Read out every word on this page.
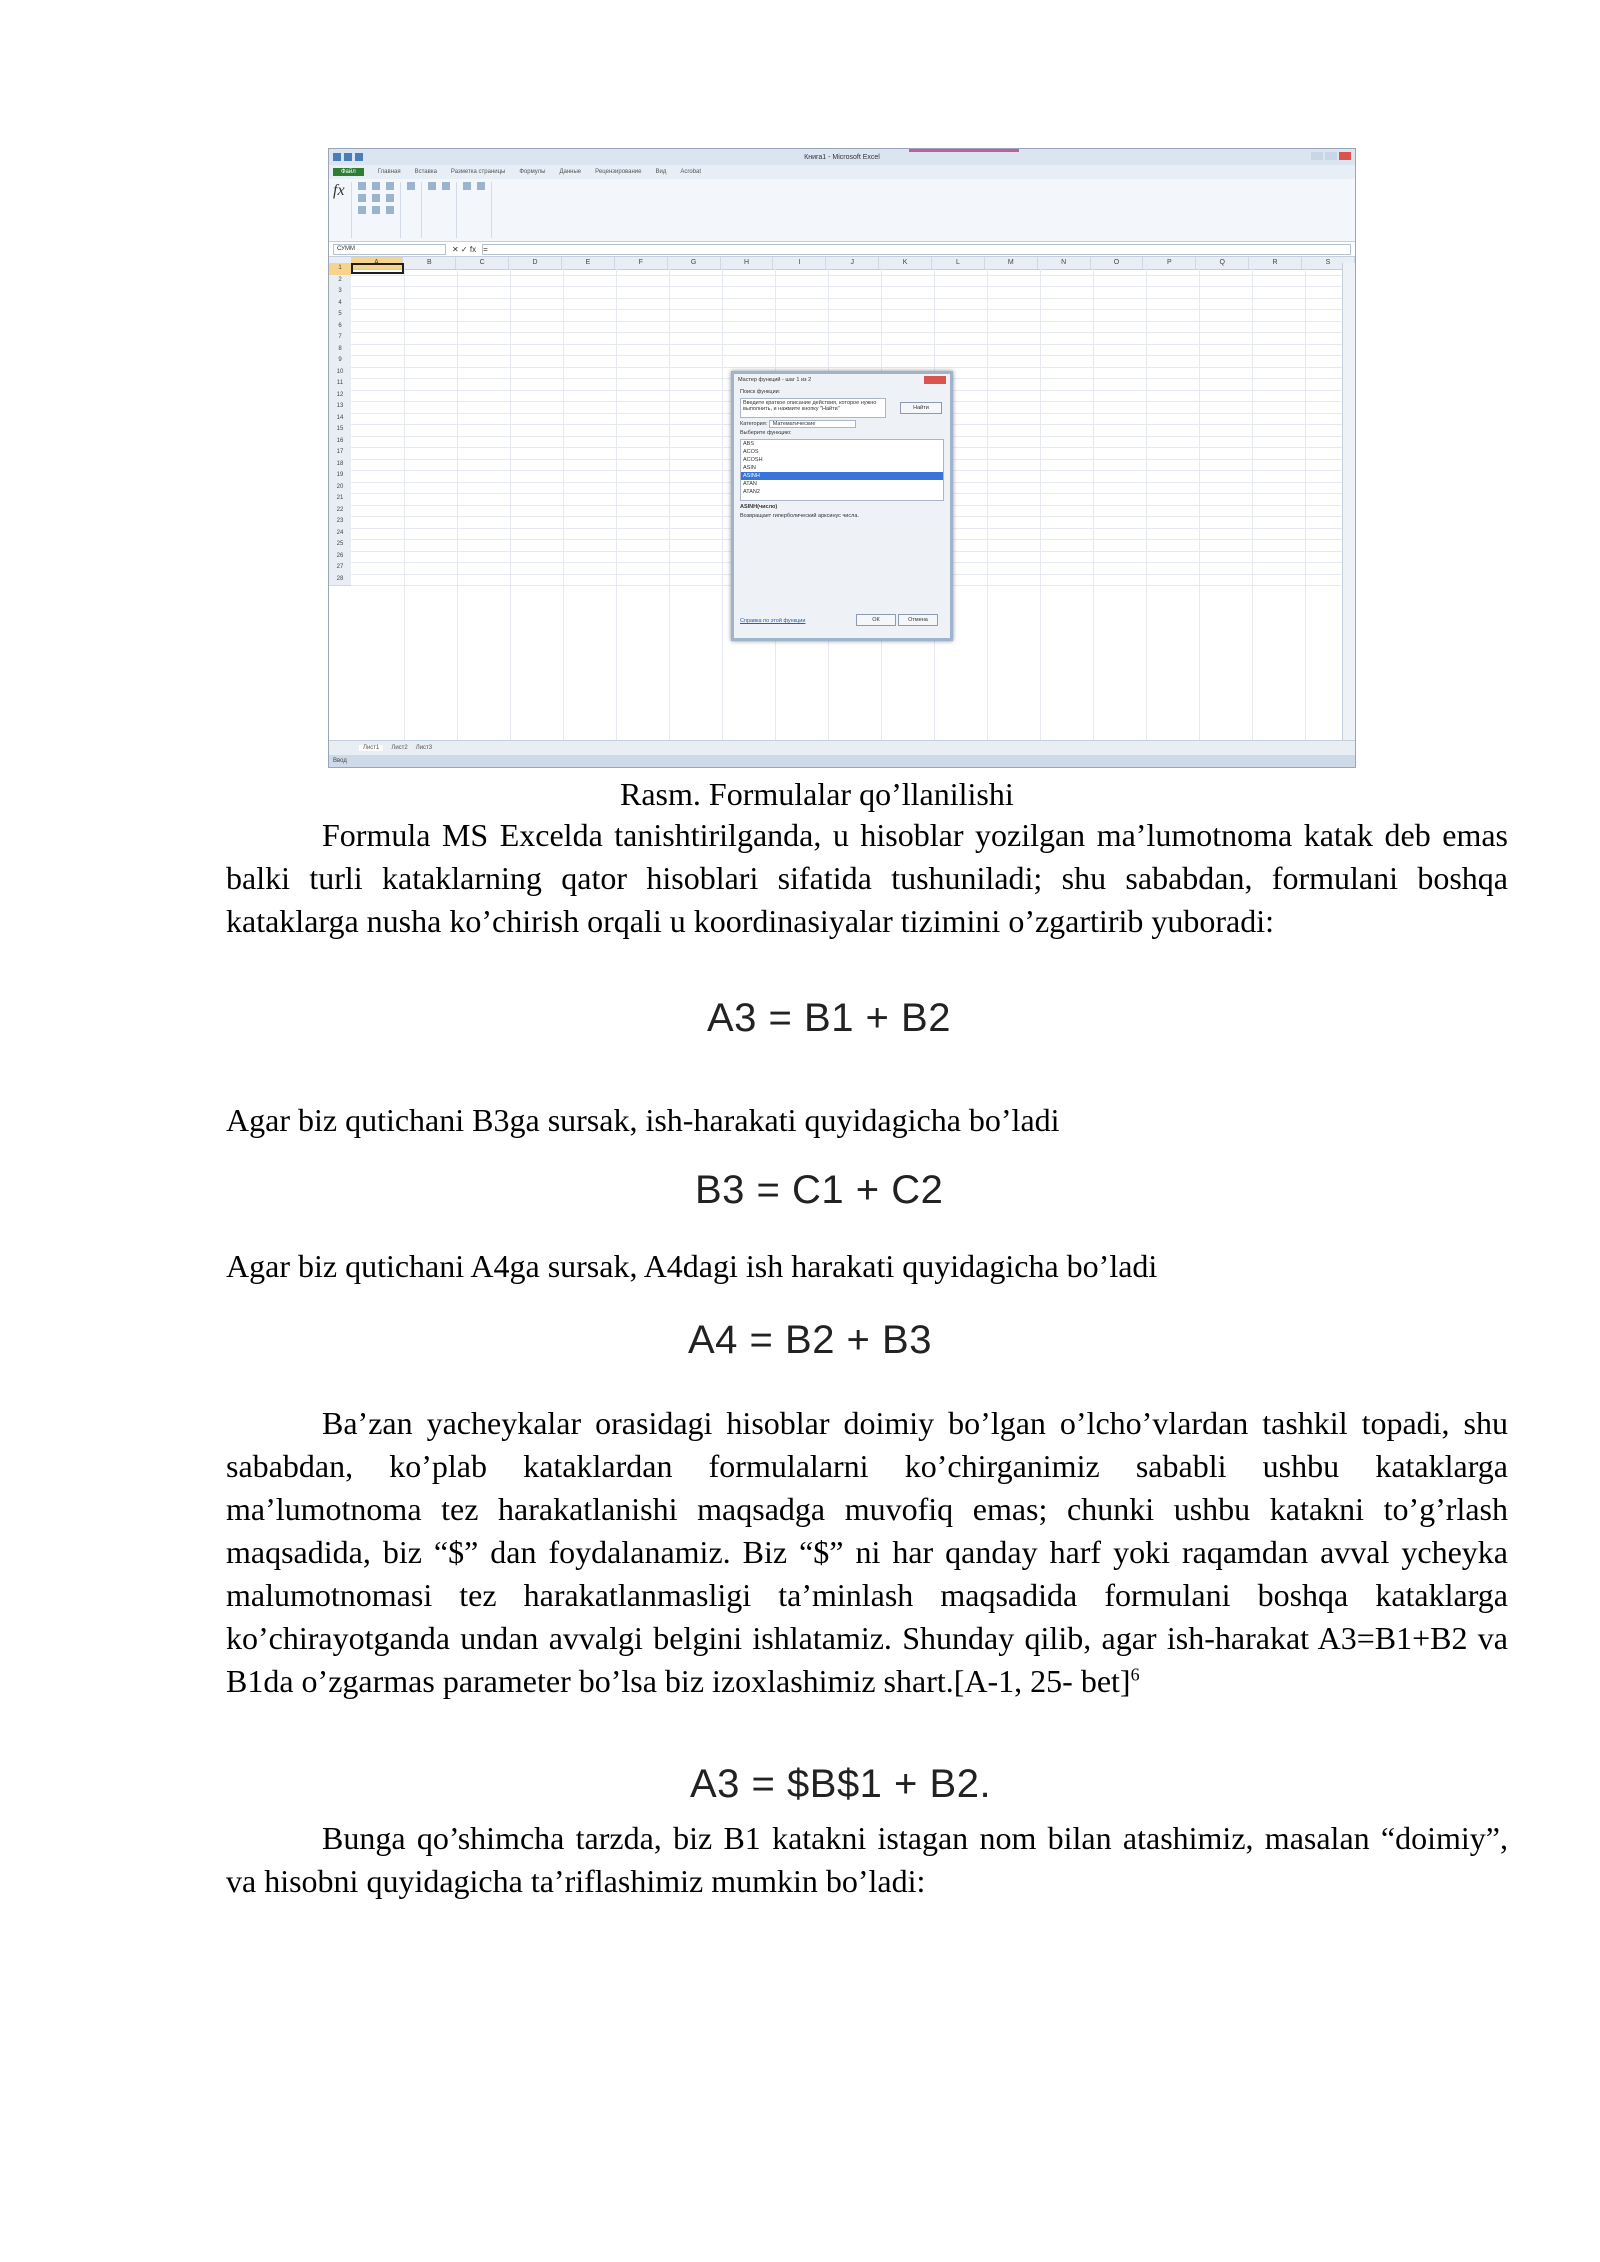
Книга1 - Microsoft Excel
Файл	Главная Вставка Разметка страницы Формулы Данные Рецензирование Вид Acrobat
fx
СУММ	✕ ✓ fx =
A	B	C	D	E	F	G	H	I	J	K	L	M	N	O	P	Q	R	S
1
2
3
4
5
6
7
8
9
10
11
12
13
14
15
16
17
18
19
20
21
22
23
24
25
26
27
28
Лист1	Лист2 Лист3
Ввод
Мастер функций - шаг 1 из 2
Поиск функции:
Введите краткое описание действия, которое нужно выполнить, и нажмите кнопку "Найти"	Найти
Категория: Математические
Выберите функцию:
ABS
ACOS
ACOSH
ASIN
ASINH
ATAN
ATAN2
ASINH(число)
Возвращает гиперболический арксинус числа.
Справка по этой функции	ОК	Отмена
Rasm. Formulalar qo’llanilishi
Formula MS Excelda tanishtirilganda, u hisoblar yozilgan ma’lumotnoma katak deb emas balki turli kataklarning qator hisoblari sifatida tushuniladi; shu sababdan, formulani boshqa kataklarga nusha ko’chirish orqali u koordinasiyalar tizimini o’zgartirib yuboradi:
A3 = B1 + B2
Agar biz qutichani B3ga sursak, ish-harakati quyidagicha bo’ladi
B3 = C1 + C2
Agar biz qutichani A4ga sursak, A4dagi ish harakati quyidagicha bo’ladi
A4 = B2 + B3
Ba’zan yacheykalar orasidagi hisoblar doimiy bo’lgan o’lcho’vlardan tashkil topadi, shu sababdan, ko’plab kataklardan formulalarni ko’chirganimiz sababli ushbu kataklarga ma’lumotnoma tez harakatlanishi maqsadga muvofiq emas; chunki ushbu katakni to’g’rlash maqsadida, biz “$” dan foydalanamiz. Biz “$” ni har qanday harf yoki raqamdan avval ycheyka malumotnomasi tez harakatlanmasligi ta’minlash maqsadida formulani boshqa kataklarga ko’chirayotganda undan avvalgi belgini ishlatamiz. Shunday qilib, agar ish-harakat A3=B1+B2 va B1da o’zgarmas parameter bo’lsa biz izoxlashimiz shart.[A-1, 25- bet]$^6$
A3 = $B$1 + B2.
Bunga qo’shimcha tarzda, biz B1 katakni istagan nom bilan atashimiz, masalan “doimiy”, va hisobni quyidagicha ta’riflashimiz mumkin bo’ladi:
